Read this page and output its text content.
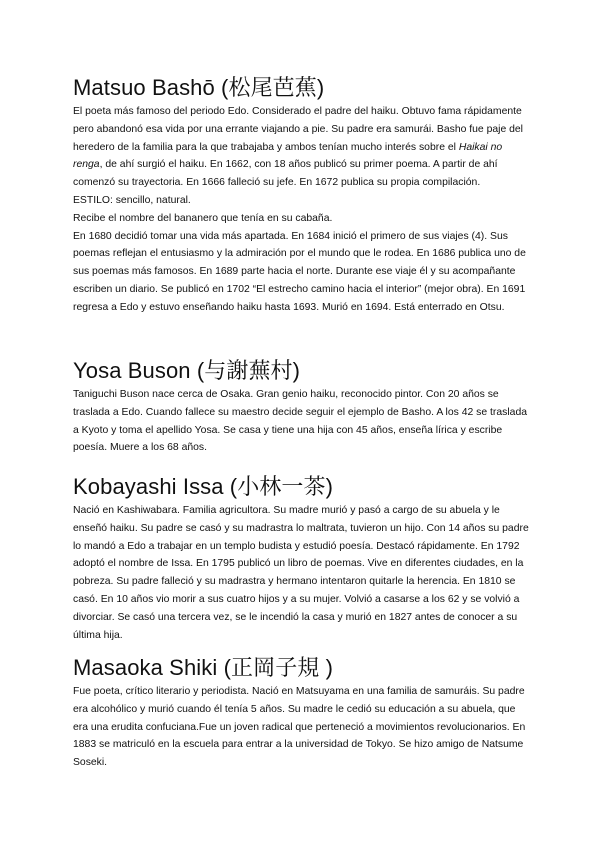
Matsuo Bashō (松尾芭蕉)

El poeta más famoso del periodo Edo. Considerado el padre del haiku. Obtuvo fama rápidamente pero abandonó esa vida por una errante viajando a pie. Su padre era samurái. Basho fue paje del heredero de la familia para la que trabajaba y ambos tenían mucho interés sobre el Haikai no renga, de ahí surgió el haiku. En 1662, con 18 años publicó su primer poema. A partir de ahí comenzó su trayectoria. En 1666 falleció su jefe. En 1672 publica su propia compilación.

ESTILO: sencillo, natural.

Recibe el nombre del bananero que tenía en su cabaña.

En 1680 decidió tomar una vida más apartada. En 1684 inició el primero de sus viajes (4). Sus poemas reflejan el entusiasmo y la admiración por el mundo que le rodea. En 1686 publica uno de sus poemas más famosos. En 1689 parte hacia el norte. Durante ese viaje él y su acompañante escriben un diario. Se publicó en 1702 “El estrecho camino hacia el interior” (mejor obra). En 1691 regresa a Edo y estuvo enseñando haiku hasta 1693. Murió en 1694. Está enterrado en Otsu.

Yosa Buson (与謝蕪村)

Taniguchi Buson nace cerca de Osaka. Gran genio haiku, reconocido pintor. Con 20 años se traslada a Edo. Cuando fallece su maestro decide seguir el ejemplo de Basho. A los 42 se traslada a Kyoto y toma el apellido Yosa. Se casa y tiene una hija con 45 años, enseña lírica y escribe poesía. Muere a los 68 años.

Kobayashi Issa (小林一茶)

Nació en Kashiwabara. Familia agricultora. Su madre murió y pasó a cargo de su abuela y le enseñó haiku. Su padre se casó y su madrastra lo maltrata, tuvieron un hijo. Con 14 años su padre lo mandó a Edo a trabajar en un templo budista y estudió poesía. Destacó rápidamente. En 1792 adoptó el nombre de Issa. En 1795 publicó un libro de poemas. Vive en diferentes ciudades, en la pobreza. Su padre falleció y su madrastra y hermano intentaron quitarle la herencia. En 1810 se casó. En 10 años vio morir a sus cuatro hijos y a su mujer. Volvió a casarse a los 62 y se volvió a divorciar. Se casó una tercera vez, se le incendió la casa y murió en 1827 antes de conocer a su última hija.

Masaoka Shiki (正岡子規 )

Fue poeta, crítico literario y periodista. Nació en Matsuyama en una familia de samuráis. Su padre era alcohólico y murió cuando él tenía 5 años. Su madre le cedió su educación a su abuela, que era una erudita confuciana.Fue un joven radical que perteneció a movimientos revolucionarios. En 1883 se matriculó en la escuela para entrar a la universidad de Tokyo. Se hizo amigo de Natsume Soseki.
